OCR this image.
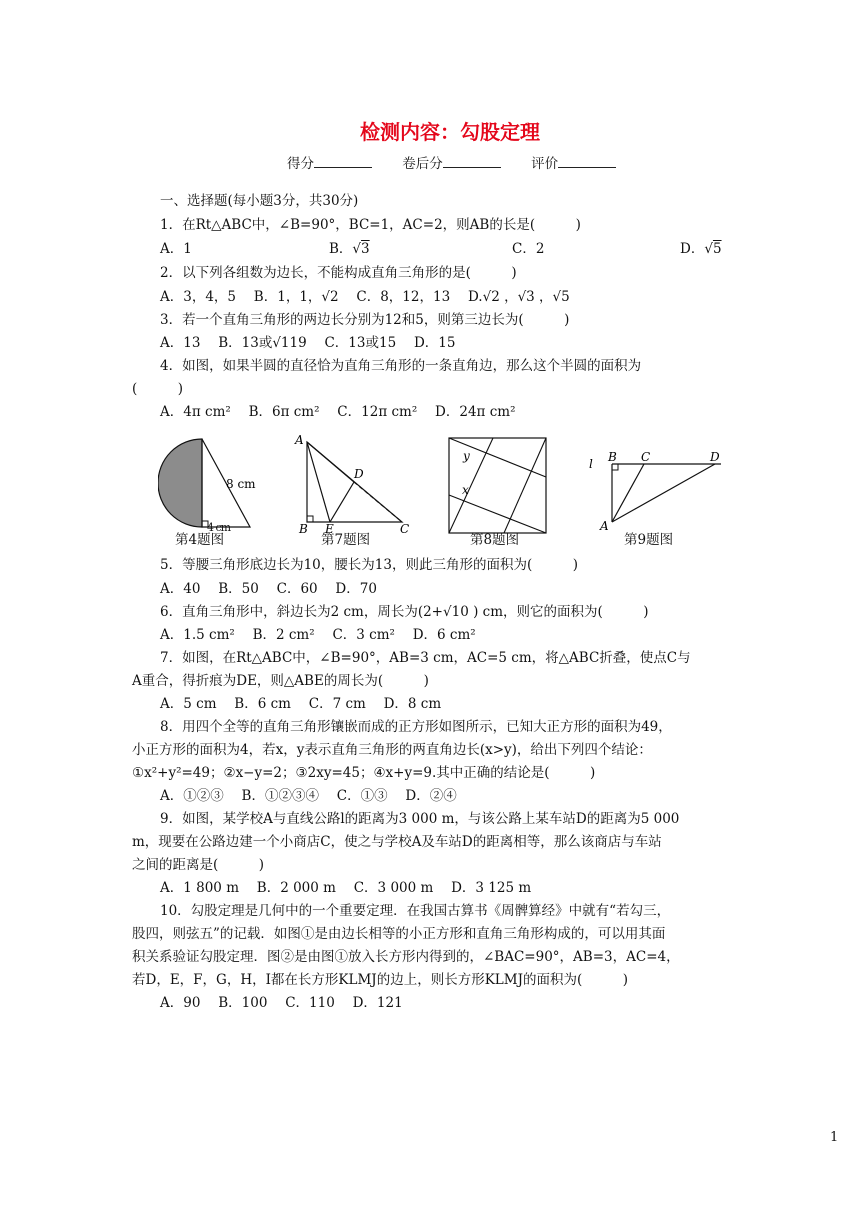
检测内容：勾股定理
得分	卷后分	评价
一、选择题(每小题3分，共30分)
1．在Rt△ABC中，∠B=90°，BC=1，AC=2，则AB的长是(　　　)
A．1	B．√3	C．2	D．√5
2．以下列各组数为边长，不能构成直角三角形的是(　　　)
A．3，4，5　 B．1，1，√2　 C．8，12，13　 D.√2 ，√3 ，√5
3．若一个直角三角形的两边长分别为12和5，则第三边长为(　　　)
A．13　 B．13或√119　 C．13或15　 D．15
4．如图，如果半圆的直径恰为直角三角形的一条直角边，那么这个半圆的面积为
(　　　)
A．4π cm²　 B．6π cm²　 C．12π cm²　 D．24π cm²
8 cm
第4题图
4 cm
A
D
B E	C
第7题图
y
x
第8题图
l B C	D
A
第9题图
5．等腰三角形底边长为10，腰长为13，则此三角形的面积为(　　　)
A．40　 B．50　 C．60　 D．70
6．直角三角形中，斜边长为2 cm，周长为(2+√10 ) cm，则它的面积为(　　　)
A．1.5 cm²　 B．2 cm²　 C．3 cm²　 D．6 cm²
7．如图，在Rt△ABC中，∠B=90°，AB=3 cm，AC=5 cm，将△ABC折叠，使点C与
A重合，得折痕为DE，则△ABE的周长为(　　　)
A．5 cm　 B．6 cm　 C．7 cm　 D．8 cm
8．用四个全等的直角三角形镶嵌而成的正方形如图所示，已知大正方形的面积为49，
小正方形的面积为4，若x，y表示直角三角形的两直角边长(x>y)，给出下列四个结论：
①x²+y²=49；②x−y=2；③2xy=45；④x+y=9.其中正确的结论是(　　　)
A．①②③　 B．①②③④　 C．①③　 D．②④
9．如图，某学校A与直线公路l的距离为3 000 m，与该公路上某车站D的距离为5 000
m，现要在公路边建一个小商店C，使之与学校A及车站D的距离相等，那么该商店与车站
之间的距离是(　　　)
A．1 800 m　 B．2 000 m　 C．3 000 m　 D．3 125 m
10．勾股定理是几何中的一个重要定理．在我国古算书《周髀算经》中就有“若勾三，
股四，则弦五”的记载．如图①是由边长相等的小正方形和直角三角形构成的，可以用其面
积关系验证勾股定理．图②是由图①放入长方形内得到的，∠BAC=90°，AB=3，AC=4，
若D，E，F，G，H，I都在长方形KLMJ的边上，则长方形KLMJ的面积为(　　　)
A．90　 B．100　 C．110　 D．121
1
